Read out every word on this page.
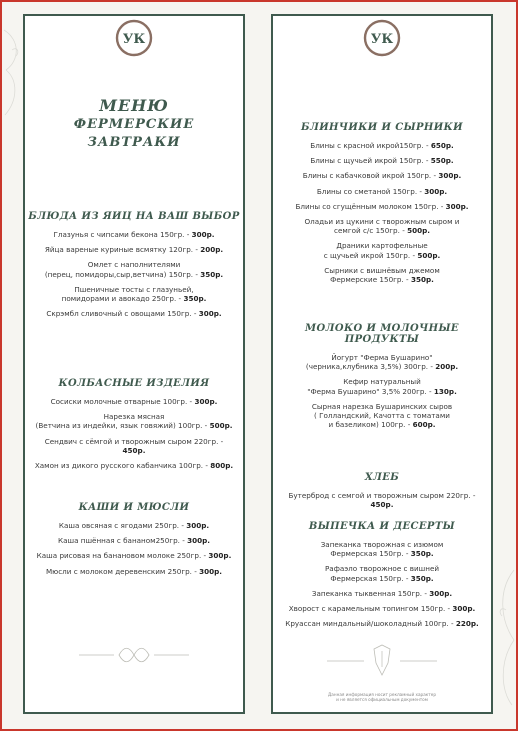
УК
МЕНЮ
ФЕРМЕРСКИЕ ЗАВТРАКИ
БЛЮДА ИЗ ЯИЦ НА ВАШ ВЫБОР
Глазунья с чипсами бекона 150гр. - 300р.
Яйца вареные куриные всмятку 120гр. - 200р.
Омлет с наполнителями
(перец, помидоры,сыр,ветчина) 150гр. - 350р.
Пшеничные тосты с глазуньей,
помидорами и авокадо 250гр. - 350р.
Скрэмбл сливочный с овощами 150гр. - 300р.
КОЛБАСНЫЕ ИЗДЕЛИЯ
Сосиски молочные отварные 100гр. - 300р.
Нарезка мясная
(Ветчина из индейки, язык говяжий) 100гр. - 500р.
Сендвич с сёмгой и творожным сыром 220гр. - 450р.
Хамон из дикого русского кабанчика 100гр. - 800р.
КАШИ И МЮСЛИ
Каша овсяная с ягодами 250гр. - 300р.
Каша пшённая с бананом250гр. - 300р.
Каша рисовая на банановом молоке 250гр. - 300р.
Мюсли с молоком деревенским 250гр. - 300р.
УК
БЛИНЧИКИ И СЫРНИКИ
Блины с красной икрой150гр. - 650р.
Блины с щучьей икрой 150гр. - 550р.
Блины с кабачковой икрой 150гр. - 300р.
Блины со сметаной 150гр. - 300р.
Блины со сгущённым молоком 150гр. - 300р.
Оладьи из цукини с творожным сыром и
семгой с/с 150гр. - 500р.
Драники картофельные
с щучьей икрой 150гр. - 500р.
Сырники с вишнёвым джемом
Фермерские 150гр. - 350р.
МОЛОКО И МОЛОЧНЫЕ ПРОДУКТЫ
Йогурт "Ферма Бушарино"
(черника,клубника 3,5%) 300гр. - 200р.
Кефир натуральный
"Ферма Бушарино" 3,5% 200гр. - 130р.
Сырная нарезка Бушаринских сыров
( Голландский, Качотта с томатами
и базеликом) 100гр. - 600р.
ХЛЕБ
Бутерброд с семгой и творожным сыром 220гр. - 450р.
ВЫПЕЧКА И ДЕСЕРТЫ
Запеканка творожная с изюмом
Фермерская 150гр. - 350р.
Рафаэло творожное с вишней
Фермерская 150гр. - 350р.
Запеканка тыквенная 150гр. - 300р.
Хворост с карамельным топингом 150гр. - 300р.
Круассан миндальный/шоколадный 100гр. - 220р.
Данная информация носит рекламный характер
и не является официальным документом
